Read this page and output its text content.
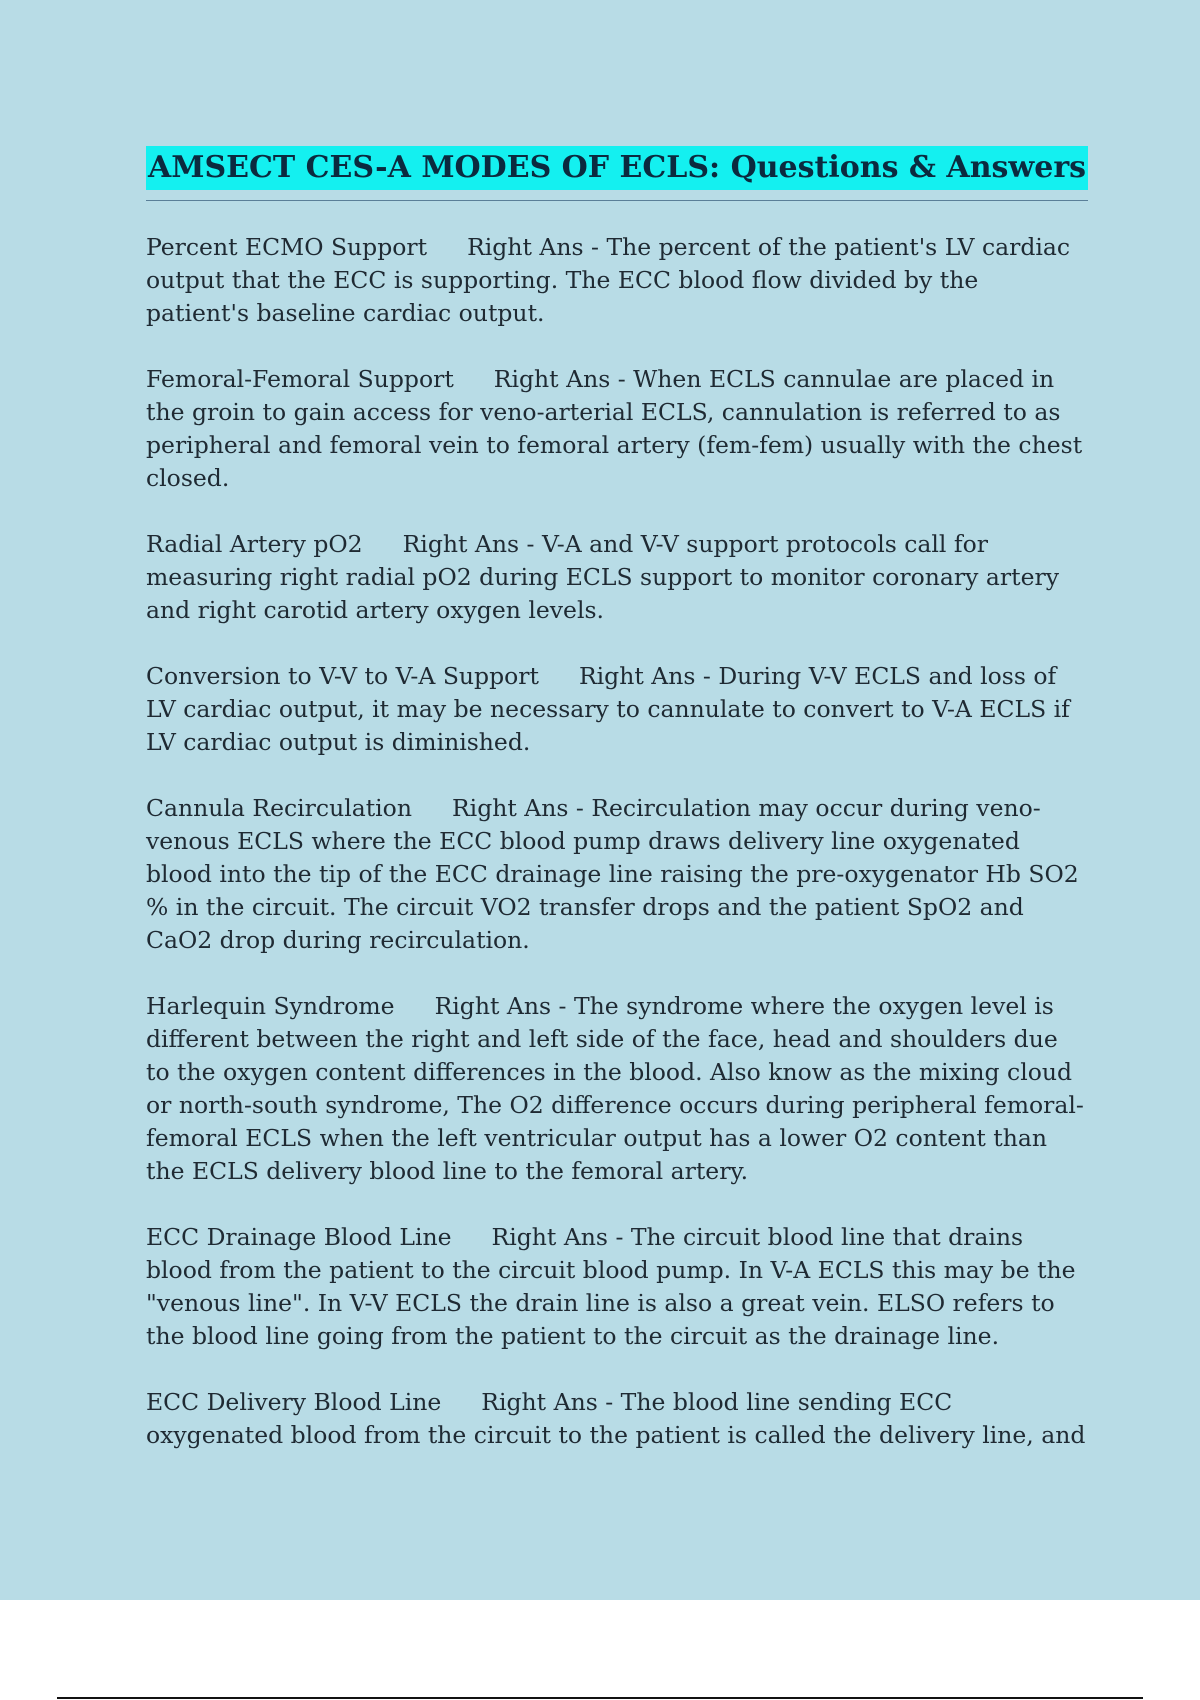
AMSECT CES-A MODES OF ECLS: Questions & Answers

Percent ECMO Support Right Ans - The percent of the patient's LV cardiac output that the ECC is supporting. The ECC blood flow divided by the patient's baseline cardiac output.

Femoral-Femoral Support Right Ans - When ECLS cannulae are placed in the groin to gain access for veno-arterial ECLS, cannulation is referred to as peripheral and femoral vein to femoral artery (fem-fem) usually with the chest closed.

Radial Artery pO2 Right Ans - V-A and V-V support protocols call for measuring right radial pO2 during ECLS support to monitor coronary artery and right carotid artery oxygen levels.

Conversion to V-V to V-A Support Right Ans - During V-V ECLS and loss of LV cardiac output, it may be necessary to cannulate to convert to V-A ECLS if LV cardiac output is diminished.

Cannula Recirculation Right Ans - Recirculation may occur during veno-venous ECLS where the ECC blood pump draws delivery line oxygenated blood into the tip of the ECC drainage line raising the pre-oxygenator Hb SO2 % in the circuit. The circuit VO2 transfer drops and the patient SpO2 and CaO2 drop during recirculation.

Harlequin Syndrome Right Ans - The syndrome where the oxygen level is different between the right and left side of the face, head and shoulders due to the oxygen content differences in the blood. Also know as the mixing cloud or north-south syndrome, The O2 difference occurs during peripheral femoral-femoral ECLS when the left ventricular output has a lower O2 content than the ECLS delivery blood line to the femoral artery.

ECC Drainage Blood Line Right Ans - The circuit blood line that drains blood from the patient to the circuit blood pump. In V-A ECLS this may be the "venous line". In V-V ECLS the drain line is also a great vein. ELSO refers to the blood line going from the patient to the circuit as the drainage line.

ECC Delivery Blood Line Right Ans - The blood line sending ECC oxygenated blood from the circuit to the patient is called the delivery line, and
